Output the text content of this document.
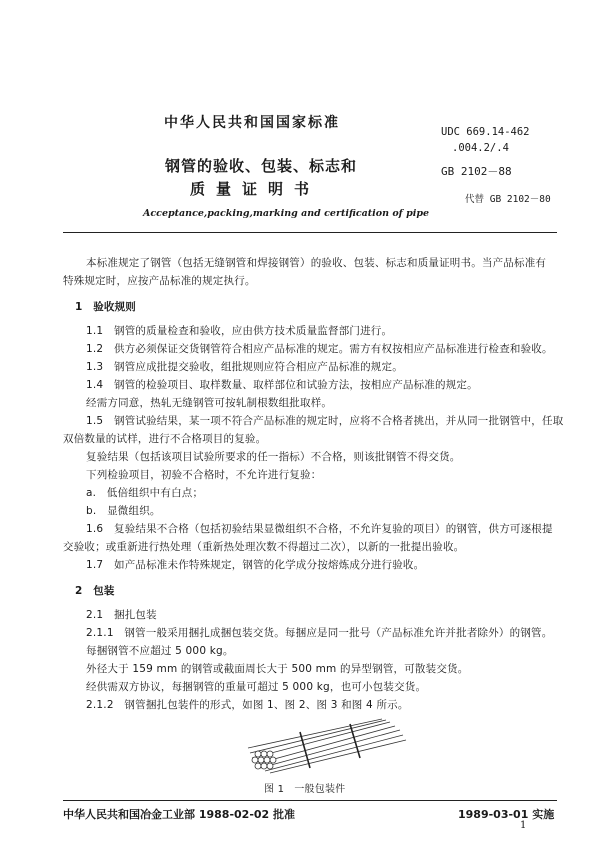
中华人民共和国国家标准
UDC 669.14-462
.004.2/.4
GB 2102－88
代替 GB 2102－80
钢管的验收、包装、标志和
质量证明书
Acceptance,packing,marking and certification of pipe
本标准规定了钢管（包括无缝钢管和焊接钢管）的验收、包装、标志和质量证明书。当产品标准有
特殊规定时，应按产品标准的规定执行。
1　验收规则
1.1　钢管的质量检查和验收，应由供方技术质量监督部门进行。
1.2　供方必须保证交货钢管符合相应产品标准的规定。需方有权按相应产品标准进行检查和验收。
1.3　钢管应成批提交验收，组批规则应符合相应产品标准的规定。
1.4　钢管的检验项目、取样数量、取样部位和试验方法，按相应产品标准的规定。
经需方同意，热轧无缝钢管可按轧制根数组批取样。
1.5　钢管试验结果，某一项不符合产品标准的规定时，应将不合格者挑出，并从同一批钢管中，任取
双倍数量的试样，进行不合格项目的复验。
复验结果（包括该项目试验所要求的任一指标）不合格，则该批钢管不得交货。
下列检验项目，初验不合格时，不允许进行复验：
a.　低倍组织中有白点；
b.　显微组织。
1.6　复验结果不合格（包括初验结果显微组织不合格，不允许复验的项目）的钢管，供方可逐根提
交验收；或重新进行热处理（重新热处理次数不得超过二次），以新的一批提出验收。
1.7　如产品标准未作特殊规定，钢管的化学成分按熔炼成分进行验收。
2　包装
2.1　捆扎包装
2.1.1　钢管一般采用捆扎成捆包装交货。每捆应是同一批号（产品标准允许并批者除外）的钢管。
每捆钢管不应超过 5 000 kg。
外径大于 159 mm 的钢管或截面周长大于 500 mm 的异型钢管，可散装交货。
经供需双方协议，每捆钢管的重量可超过 5 000 kg，也可小包装交货。
2.1.2　钢管捆扎包装件的形式，如图 1、图 2、图 3 和图 4 所示。
图 1　一般包装件
中华人民共和国冶金工业部 1988-02-02 批准	1989-03-01 实施
1
